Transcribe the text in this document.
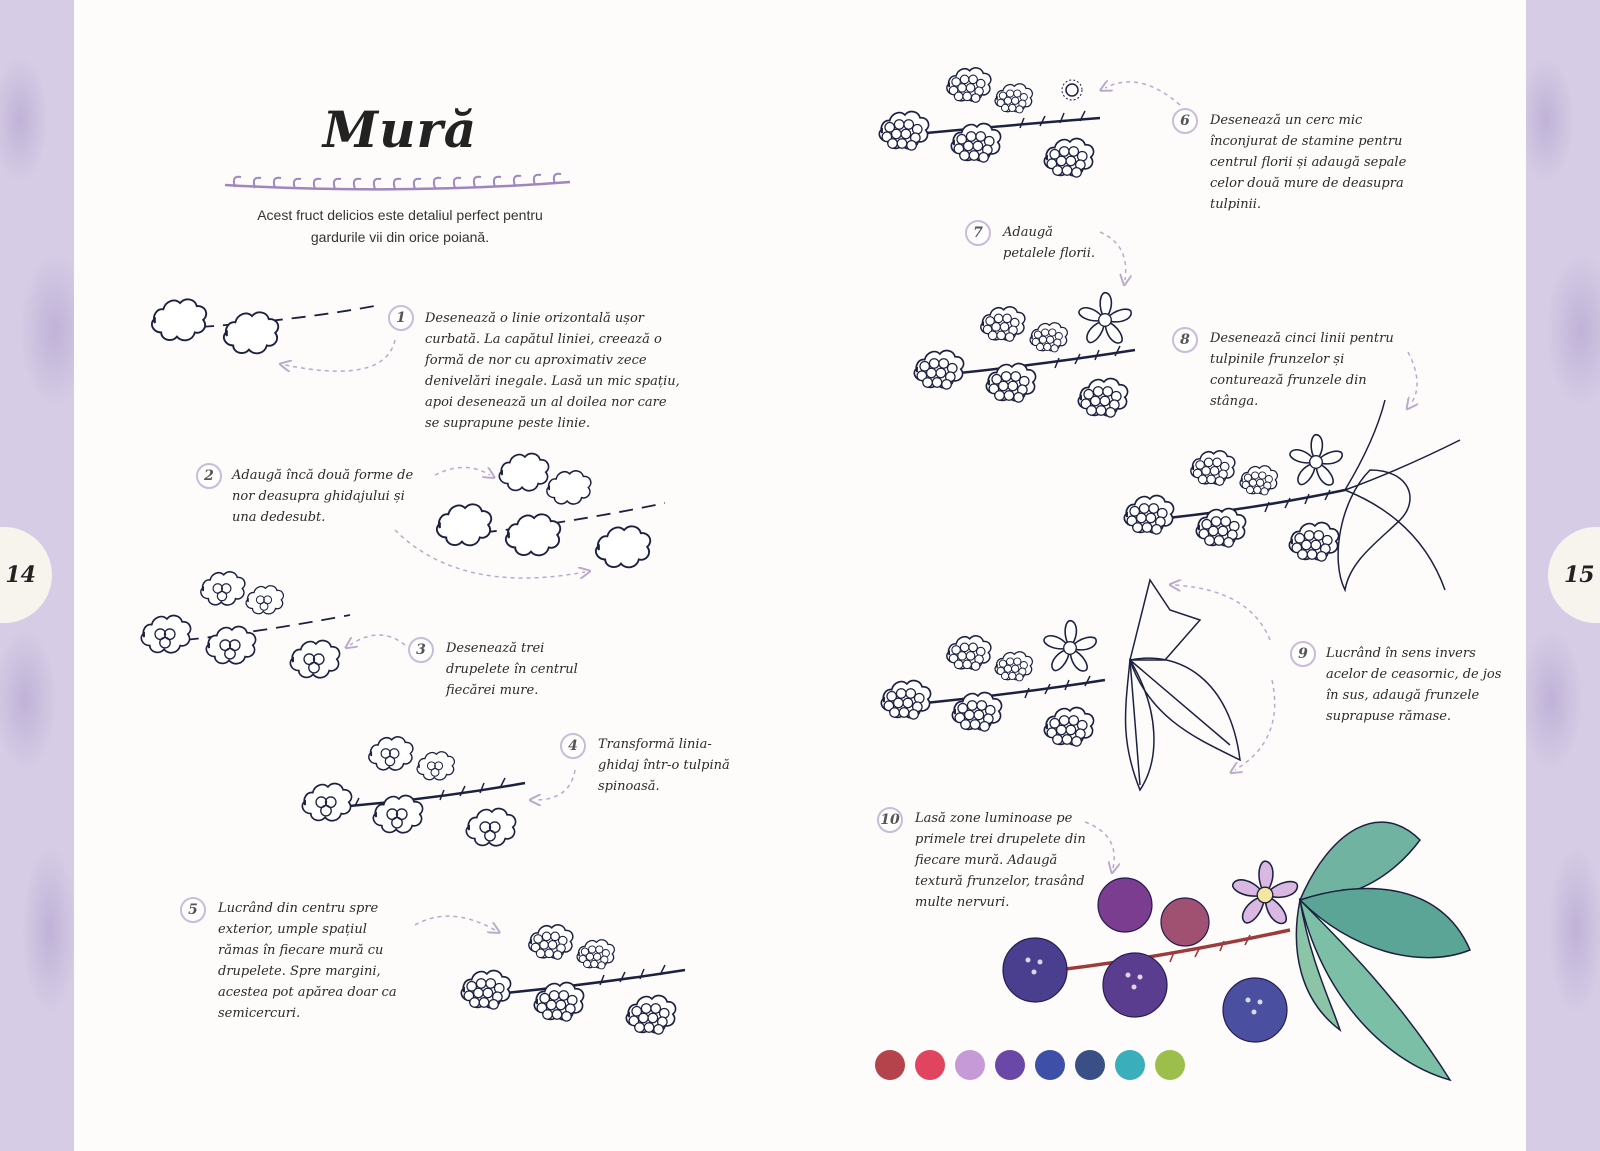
14	15
Mură
Acest fruct delicios este detaliul perfect pentru gardurile vii din orice poiană.
1	Desenează o linie orizontală ușor curbată. La capătul liniei, creează o formă de nor cu aproximativ zece denivelări inegale. Lasă un mic spațiu, apoi desenează un al doilea nor care se suprapune peste linie.
2	Adaugă încă două forme de nor deasupra ghidajului și una dedesubt.
3	Desenează trei drupelete în centrul fiecărei mure.
4	Transformă linia-ghidaj într-o tulpină spinoasă.
5	Lucrând din centru spre exterior, umple spațiul rămas în fiecare mură cu drupelete. Spre margini, acestea pot apărea doar ca semicercuri.
6	Desenează un cerc mic înconjurat de stamine pentru centrul florii și adaugă sepale celor două mure de deasupra tulpinii.
7	Adaugă petalele florii.
8	Desenează cinci linii pentru tulpinile frunzelor și conturează frunzele din stânga.
9	Lucrând în sens invers acelor de ceasornic, de jos în sus, adaugă frunzele suprapuse rămase.
10 Lasă zone luminoase pe primele trei drupelete din fiecare mură. Adaugă textură frunzelor, trasând multe nervuri.
